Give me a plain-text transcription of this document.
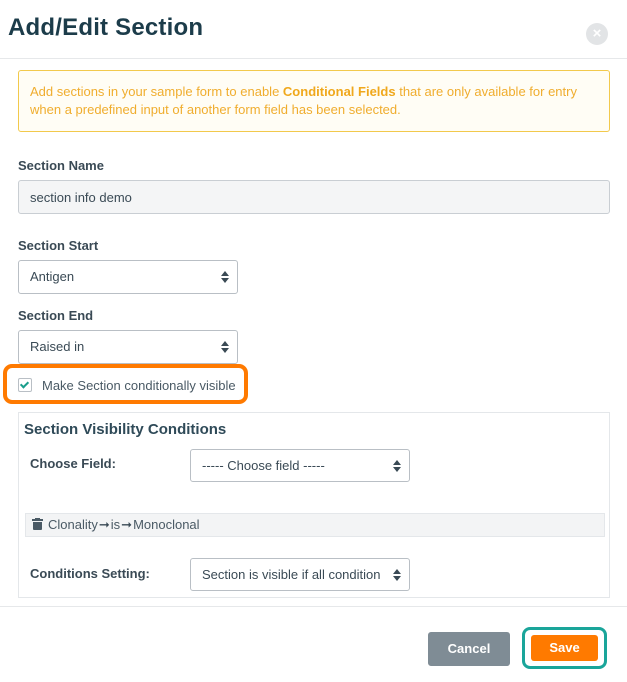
Add/Edit Section	×
Add sections in your sample form to enable Conditional Fields that are only available for entry when a predefined input of another form field has been selected.
Section Name
section info demo
Section Start
Antigen
Section End
Raised in
Make Section conditionally visible
Section Visibility Conditions
Choose Field:	----- Choose field -----
Clonality➞is➞Monoclonal
Conditions Setting:	Section is visible if all condition
Cancel	Save
